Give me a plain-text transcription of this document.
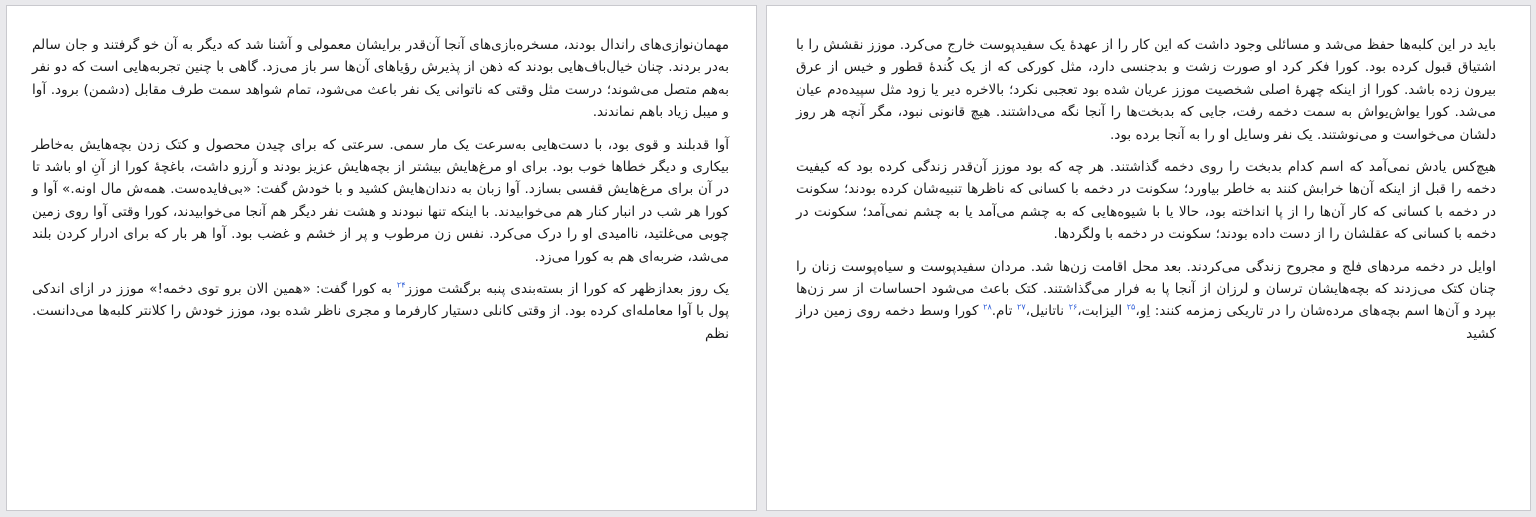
باید در این کلبه‌ها حفظ می‌شد و مسائلی وجود داشت که این کار را از عهدهٔ یک سفیدپوست خارج می‌کرد. موزز نقشش را با اشتیاق قبول کرده بود. کورا فکر کرد او صورت زشت و بدجنسی دارد، مثل کورکی که از یک کُندهٔ قطور و خیس از عرق بیرون زده باشد. کورا از اینکه چهرهٔ اصلی شخصیت موزز عریان شده بود تعجبی نکرد؛ بالاخره دیر یا زود مثل سپیده‌دم عیان می‌شد. کورا یواش‌یواش به سمت دخمه رفت، جایی که بدبخت‌ها را آنجا نگه می‌داشتند. هیچ قانونی نبود، مگر آنچه هر روز دلشان می‌خواست و می‌نوشتند. یک نفر وسایل او را به آنجا برده بود.

هیچ‌کس یادش نمی‌آمد که اسم کدام بدبخت را روی دخمه گذاشتند. هر چه که بود موزز آن‌قدر زندگی کرده بود که کیفیت دخمه را قبل از اینکه آن‌ها خرابش کنند به خاطر بیاورد؛ سکونت در دخمه با کسانی که ناظرها تنبیه‌شان کرده بودند؛ سکونت در دخمه با کسانی که کار آن‌ها را از پا انداخته بود، حالا یا با شیوه‌هایی که به چشم می‌آمد یا به چشم نمی‌آمد؛ سکونت در دخمه با کسانی که عقلشان را از دست داده بودند؛ سکونت در دخمه با ولگردها.

اوایل در دخمه مردهای فلج و مجروح زندگی می‌کردند. بعد محل اقامت زن‌ها شد. مردان سفیدپوست و سیاه‌پوست زنان را چنان کتک می‌زدند که بچه‌هایشان ترسان و لرزان از آنجا پا به فرار می‌گذاشتند. کتک باعث می‌شود احساسات از سر زن‌ها بپرد و آن‌ها اسم بچه‌های مرده‌شان را در تاریکی زمزمه کنند: اِو،$^{۲۵}$ الیزابت،$^{۲۶}$ ناتانیل،$^{۲۷}$ تام.$^{۲۸}$ کورا وسط دخمه روی زمین دراز کشید

مهمان‌نوازی‌های راندال بودند، مسخره‌بازی‌های آنجا آن‌قدر برایشان معمولی و آشنا شد که دیگر به آن خو گرفتند و جان سالم به‌در بردند. چنان خیال‌باف‌هایی بودند که ذهن از پذیرش رؤیاهای آن‌ها سر باز می‌زد. گاهی با چنین تجربه‌هایی است که دو نفر به‌هم متصل می‌شوند؛ درست مثل وقتی که ناتوانی یک نفر باعث می‌شود، تمام شواهد سمت طرف مقابل (دشمن) برود. آوا و میبل زیاد باهم نماندند.

آوا قدبلند و قوی بود، با دست‌هایی به‌سرعت یک مار سمی. سرعتی که برای چیدن محصول و کتک زدن بچه‌هایش به‌خاطر بیکاری و دیگر خطاها خوب بود. برای او مرغ‌هایش بیشتر از بچه‌هایش عزیز بودند و آرزو داشت، باغچهٔ کورا از آنِ او باشد تا در آن برای مرغ‌هایش قفسی بسازد. آوا زبان به دندان‌هایش کشید و با خودش گفت: «بی‌فایده‌ست. همه‌ش مال اونه.» آوا و کورا هر شب در انبار کنار هم می‌خوابیدند. با اینکه تنها نبودند و هشت نفر دیگر هم آنجا می‌خوابیدند، کورا وقتی آوا روی زمین چوبی می‌غلتید، ناامیدی او را درک می‌کرد. نفس زن مرطوب و پر از خشم و غضب بود. آوا هر بار که برای ادرار کردن بلند می‌شد، ضربه‌ای هم به کورا می‌زد.

یک روز بعدازظهر که کورا از بسته‌بندی پنبه برگشت موزز$^{۲۴}$ به کورا گفت: «همین الان برو توی دخمه!» موزز در ازای اندکی پول با آوا معامله‌ای کرده بود. از وقتی کانلی دستیار کارفرما و مجری ناظر شده بود، موزز خودش را کلانتر کلبه‌ها می‌دانست. نظم
